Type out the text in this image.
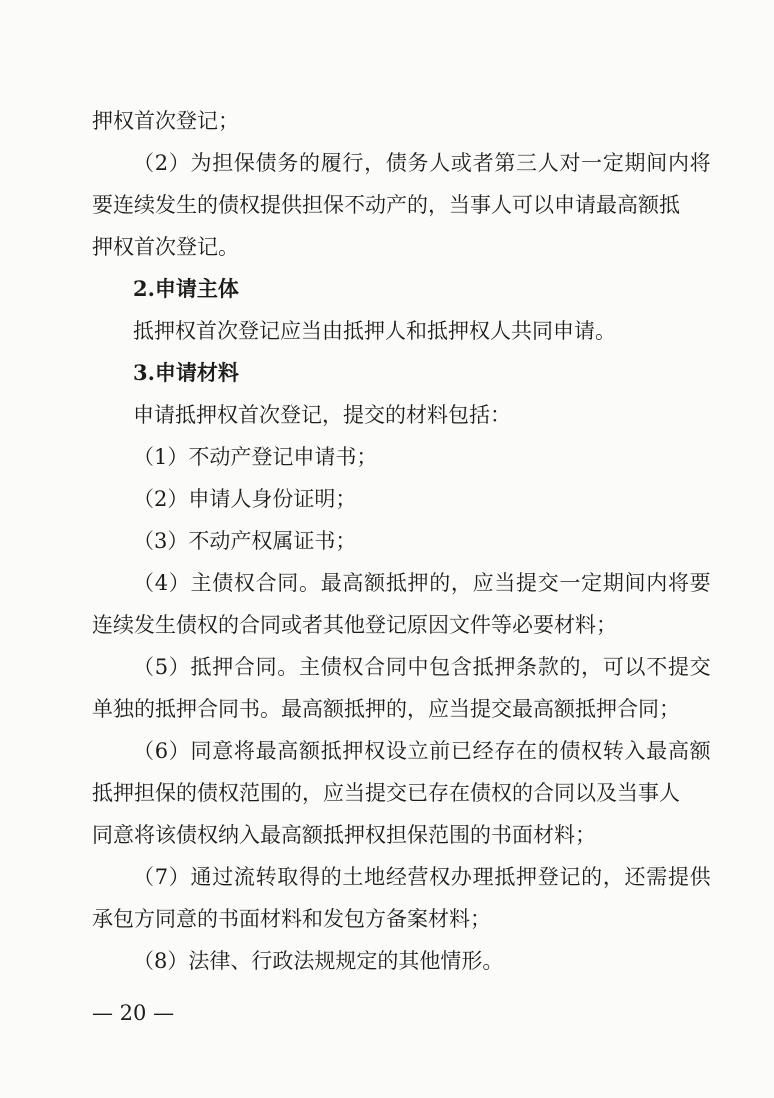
押权首次登记；
（ 2 ） 为 担 保 债 务 的 履 行 ， 债 务 人 或 者 第 三 人 对 一 定 期 间 内 将
要 连 续 发 生 的 债 权 提 供 担 保 不 动 产 的 ， 当 事 人 可 以 申 请 最 高 额 抵
押权首次登记。
2.申请主体
抵押权首次登记应当由抵押人和抵押权人共同申请。
3.申请材料
申请抵押权首次登记，提交的材料包括：
（1）不动产登记申请书；
（2）申请人身份证明；
（3）不动产权属证书；
（ 4 ） 主 债 权 合 同 。 最 高 额 抵 押 的 ， 应 当 提 交 一 定 期 间 内 将 要
连续发生债权的合同或者其他登记原因文件等必要材料；
（ 5 ） 抵 押 合 同 。 主 债 权 合 同 中 包 含 抵 押 条 款 的 ， 可 以 不 提 交
单 独 的 抵 押 合 同 书 。 最 高 额 抵 押 的 ， 应 当 提 交 最 高 额 抵 押 合 同 ；
（ 6 ） 同 意 将 最 高 额 抵 押 权 设 立 前 已 经 存 在 的 债 权 转 入 最 高 额
抵 押 担 保 的 债 权 范 围 的 ， 应 当 提 交 已 存 在 债 权 的 合 同 以 及 当 事 人
同意将该债权纳入最高额抵押权担保范围的书面材料；
（ 7 ） 通 过 流 转 取 得 的 土 地 经 营 权 办 理 抵 押 登 记 的 ， 还 需 提 供
承包方同意的书面材料和发包方备案材料；
（8）法律、行政法规规定的其他情形。
— 20 —
